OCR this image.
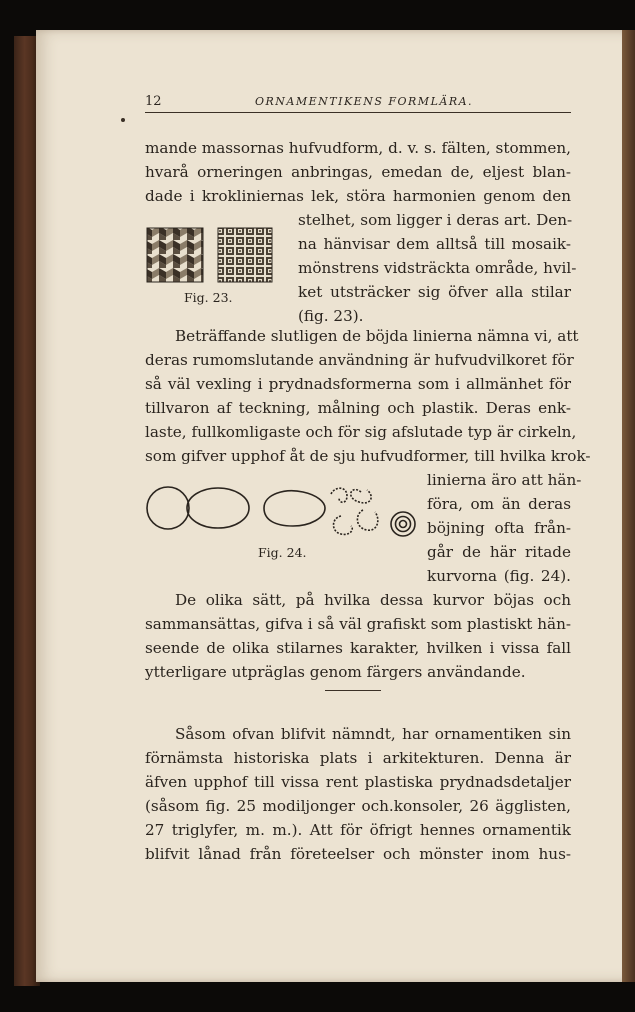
12	ORNAMENTIKENS FORMLÄRA.
mande massornas hufvudform, d. v. s. fälten, stommen,
hvarå orneringen anbringas, emedan de, eljest blan-
dade i krokliniernas lek, störa harmonien genom den
stelhet, som ligger i deras art. Den-
na hänvisar dem alltså till mosaik-
mönstrens vidsträckta område, hvil-
ket utsträcker sig öfver alla stilar
(fig. 23).
Fig. 23.
Beträffande slutligen de böjda linierna nämna vi, att
deras rumomslutande användning är hufvudvilkoret för
så väl vexling i prydnadsformerna som i allmänhet för
tillvaron af teckning, målning och plastik. Deras enk-
laste, fullkomligaste och för sig afslutade typ är cirkeln,
som gifver upphof åt de sju hufvudformer, till hvilka krok-
linierna äro att hän-
föra, om än deras
böjning ofta från-
går de här ritade
kurvorna (fig. 24).
Fig. 24.
De olika sätt, på hvilka dessa kurvor böjas och
sammansättas, gifva i så väl grafiskt som plastiskt hän-
seende de olika stilarnes karakter, hvilken i vissa fall
ytterligare utpräglas genom färgers användande.
Såsom ofvan blifvit nämndt, har ornamentiken sin
förnämsta historiska plats i arkitekturen. Denna är
äfven upphof till vissa rent plastiska prydnadsdetaljer
(såsom fig. 25 modiljonger och.konsoler, 26 ägglisten,
27 triglyfer, m. m.). Att för öfrigt hennes ornamentik
blifvit lånad från företeelser och mönster inom hus-
